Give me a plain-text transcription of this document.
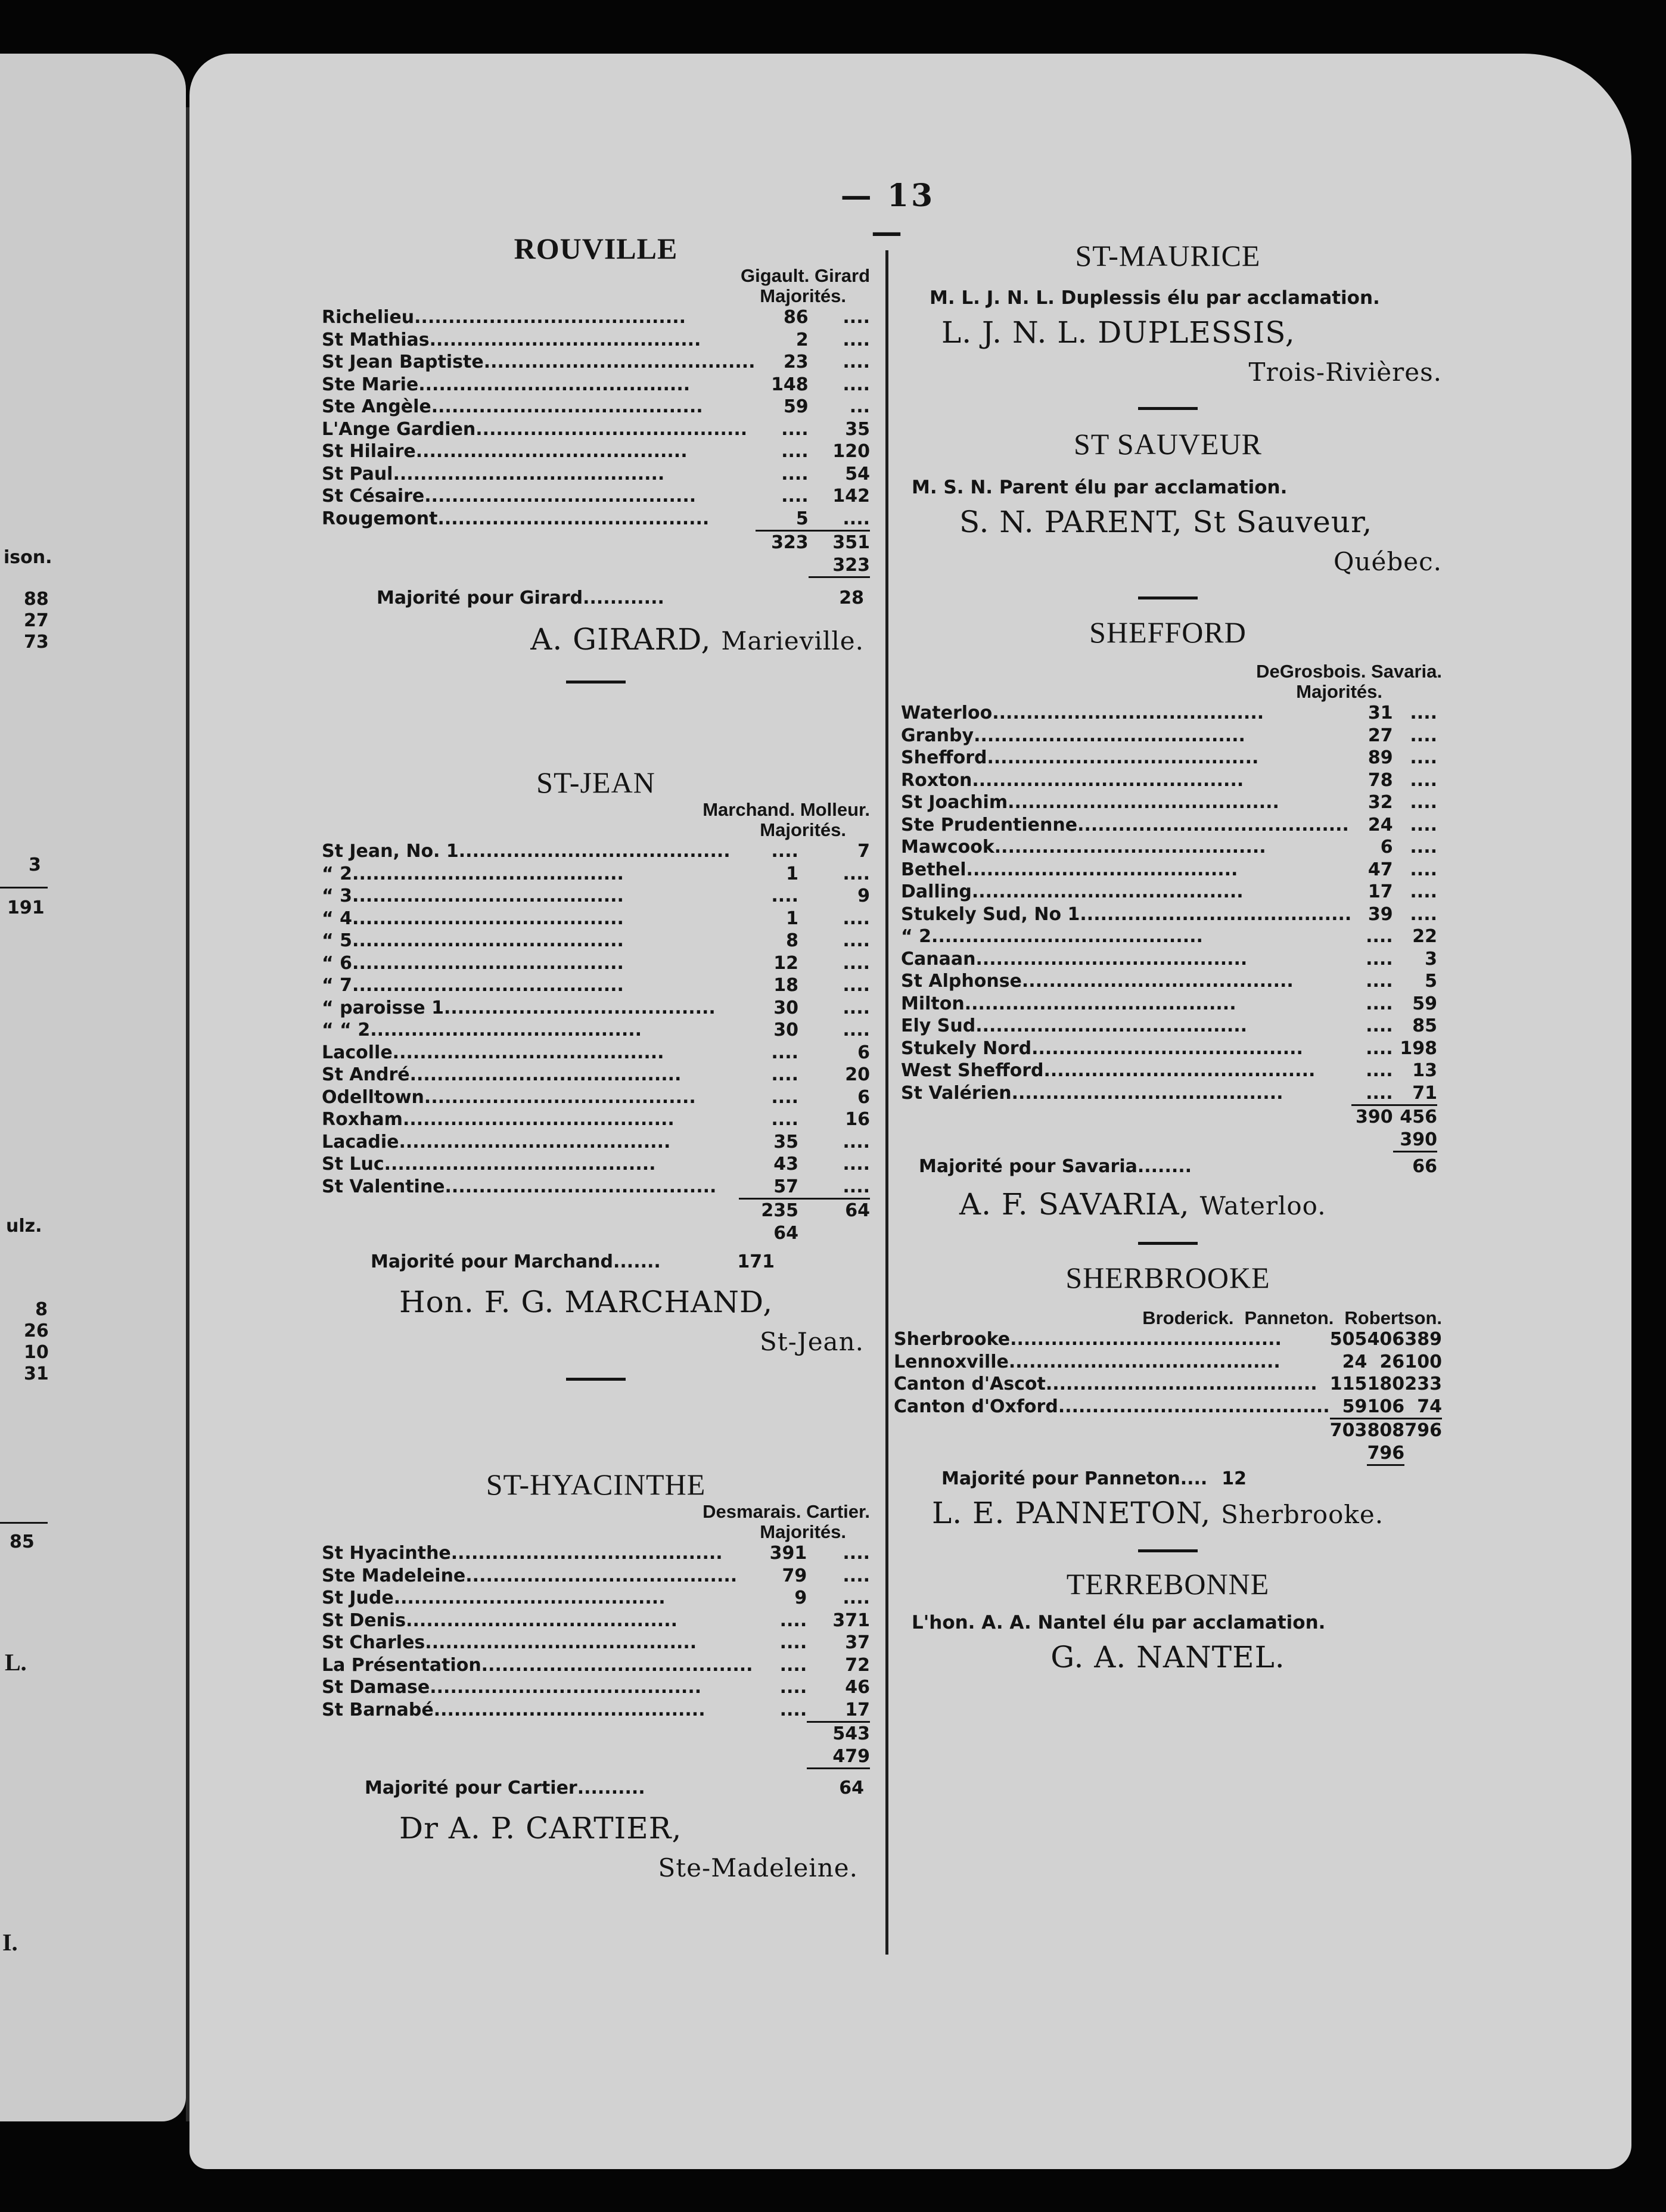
ison.
88
27
73
3
191
ulz.
8
26
10
31
85
L.
I.
— 13 —
ROUVILLE
Gigault. Girard
Majorités.
Richelieu........................................	86	....
St Mathias........................................	2	....
St Jean Baptiste........................................	23	....
Ste Marie........................................	148	....
Ste Angèle........................................	59	...
L'Ange Gardien........................................	....	35
St Hilaire........................................	....	120
St Paul........................................	....	54
St Césaire........................................	....	142
Rougemont........................................	5	....

	323	351
		323

Majorité pour Girard............	28
A. GIRARD, Marieville.
ST-JEAN
Marchand. Molleur.
Majorités.
St Jean, No. 1........................................	....	7
“ 2........................................	1	....
“ 3........................................	....	9
“ 4........................................	1	....
“ 5........................................	8	....
“ 6........................................	12	....
“ 7........................................	18	....
“ paroisse 1........................................	30	....
“ “ 2........................................	30	....
Lacolle........................................	....	6
St André........................................	....	20
Odelltown........................................	....	6
Roxham........................................	....	16
Lacadie........................................	35	....
St Luc........................................	43	....
St Valentine........................................	57	....

	235	64
	64	
Majorité pour Marchand.......	171
Hon. F. G. MARCHAND,
St-Jean.
ST-HYACINTHE
Desmarais. Cartier.
Majorités.
St Hyacinthe........................................	391	....
Ste Madeleine........................................	79	....
St Jude........................................	9	....
St Denis........................................	....	371
St Charles........................................	....	37
La Présentation........................................	....	72
St Damase........................................	....	46
St Barnabé........................................	....	17

		543
		479

Majorité pour Cartier..........	64
Dr A. P. CARTIER,
Ste-Madeleine.
ST-MAURICE
M. L. J. N. L. Duplessis élu par acclamation.
L. J. N. L. DUPLESSIS,
Trois-Rivières.
ST SAUVEUR
M. S. N. Parent élu par acclamation.
S. N. PARENT, St Sauveur,
Québec.
SHEFFORD
DeGrosbois. Savaria.
Majorités.
Waterloo........................................	31	....
Granby........................................	27	....
Shefford........................................	89	....
Roxton........................................	78	....
St Joachim........................................	32	....
Ste Prudentienne........................................	24	....
Mawcook........................................	6	....
Bethel........................................	47	....
Dalling........................................	17	....
Stukely Sud, No 1........................................	39	....
“ 2........................................	....	22
Canaan........................................	....	3
St Alphonse........................................	....	5
Milton........................................	....	59
Ely Sud........................................	....	85
Stukely Nord........................................	....	198
West Shefford........................................	....	13
St Valérien........................................	....	71

	390	456
		390

Majorité pour Savaria........	66
A. F. SAVARIA, Waterloo.
SHERBROOKE
Broderick. Panneton. Robertson.
Sherbrooke........................................	505	406	389
Lennoxville........................................	24	26	100
Canton d'Ascot........................................	115	180	233
Canton d'Oxford........................................	59	106	74

	703	808	796
		796	

Majorité pour Panneton.... 12
L. E. PANNETON, Sherbrooke.
TERREBONNE
L'hon. A. A. Nantel élu par acclamation.
G. A. NANTEL.
